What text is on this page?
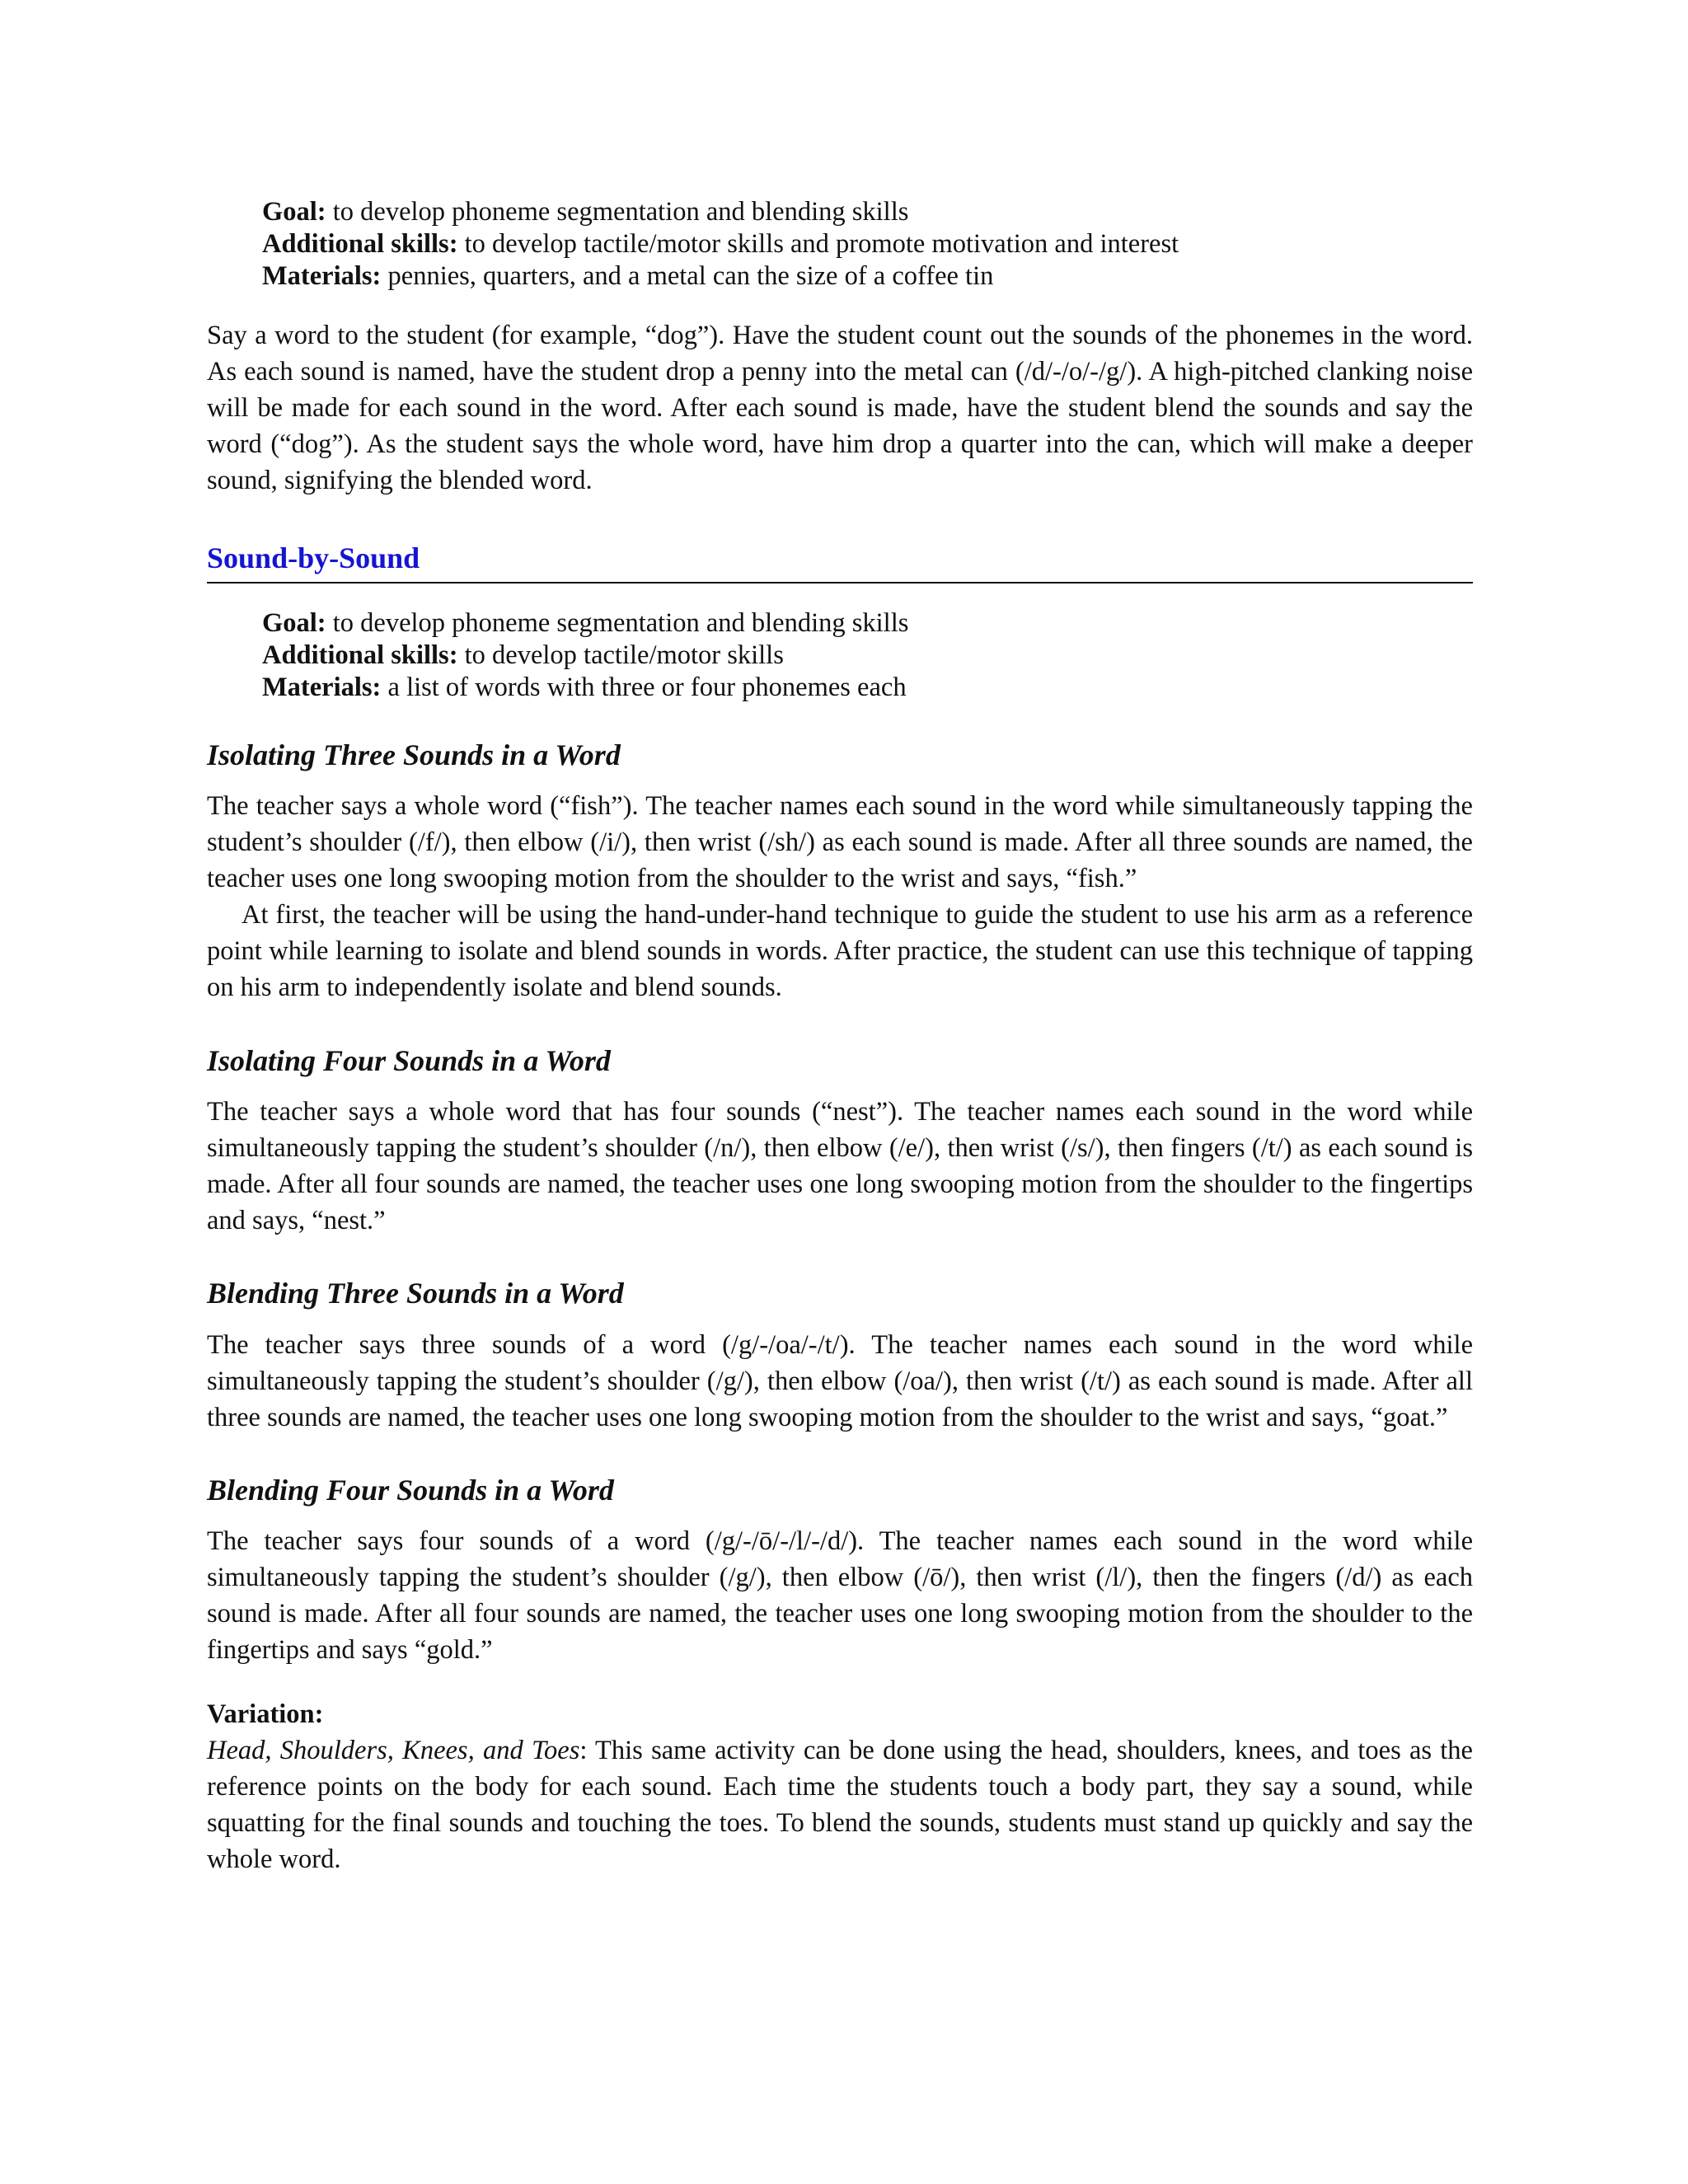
Goal: to develop phoneme segmentation and blending skills
Additional skills: to develop tactile/motor skills and promote motivation and interest
Materials: pennies, quarters, and a metal can the size of a coffee tin

Say a word to the student (for example, “dog”). Have the student count out the sounds of the phonemes in the word. As each sound is named, have the student drop a penny into the metal can (/d/-/o/-/g/). A high-pitched clanking noise will be made for each sound in the word. After each sound is made, have the student blend the sounds and say the word (“dog”). As the student says the whole word, have him drop a quarter into the can, which will make a deeper sound, signifying the blended word.

Sound-by-Sound
Goal: to develop phoneme segmentation and blending skills
Additional skills: to develop tactile/motor skills
Materials: a list of words with three or four phonemes each
Isolating Three Sounds in a Word

The teacher says a whole word (“fish”). The teacher names each sound in the word while simultaneously tapping the student’s shoulder (/f/), then elbow (/i/), then wrist (/sh/) as each sound is made. After all three sounds are named, the teacher uses one long swooping motion from the shoulder to the wrist and says, “fish.”

At first, the teacher will be using the hand-under-hand technique to guide the student to use his arm as a reference point while learning to isolate and blend sounds in words. After practice, the student can use this technique of tapping on his arm to independently isolate and blend sounds.

Isolating Four Sounds in a Word

The teacher says a whole word that has four sounds (“nest”). The teacher names each sound in the word while simultaneously tapping the student’s shoulder (/n/), then elbow (/e/), then wrist (/s/), then fingers (/t/) as each sound is made. After all four sounds are named, the teacher uses one long swooping motion from the shoulder to the fingertips and says, “nest.”

Blending Three Sounds in a Word

The teacher says three sounds of a word (/g/-/oa/-/t/). The teacher names each sound in the word while simultaneously tapping the student’s shoulder (/g/), then elbow (/oa/), then wrist (/t/) as each sound is made. After all three sounds are named, the teacher uses one long swooping motion from the shoulder to the wrist and says, “goat.”

Blending Four Sounds in a Word

The teacher says four sounds of a word (/g/-/ō/-/l/-/d/). The teacher names each sound in the word while simultaneously tapping the student’s shoulder (/g/), then elbow (/ō/), then wrist (/l/), then the fingers (/d/) as each sound is made. After all four sounds are named, the teacher uses one long swooping motion from the shoulder to the fingertips and says “gold.”

Variation:

Head, Shoulders, Knees, and Toes: This same activity can be done using the head, shoulders, knees, and toes as the reference points on the body for each sound. Each time the students touch a body part, they say a sound, while squatting for the final sounds and touching the toes. To blend the sounds, students must stand up quickly and say the whole word.
